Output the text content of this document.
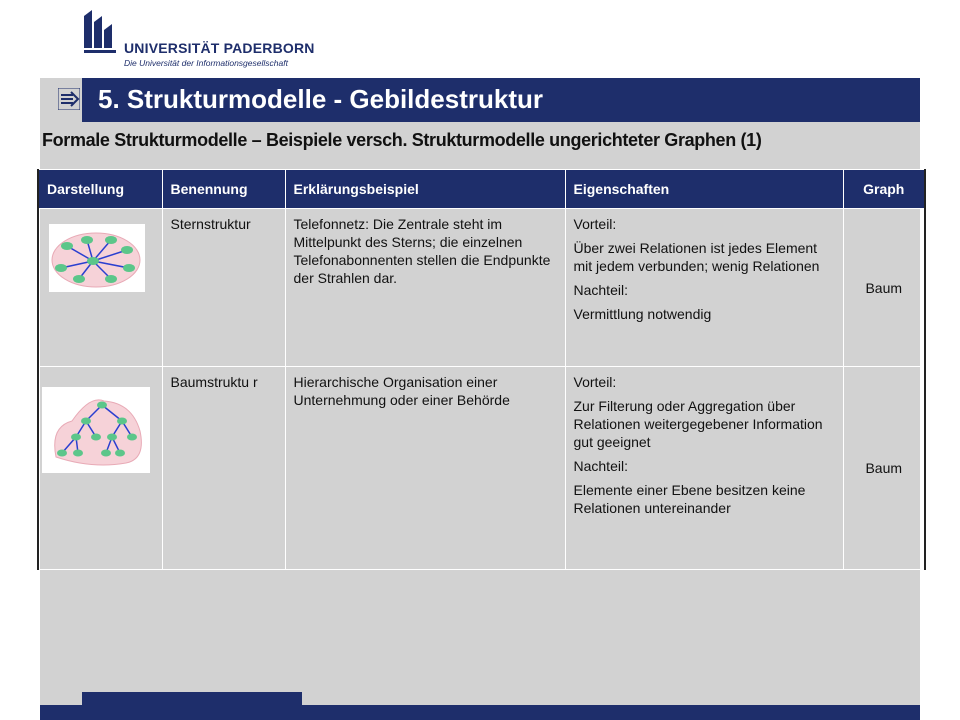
UNIVERSITÄT PADERBORN
Die Universität der Informationsgesellschaft
5. Strukturmodelle - Gebildestruktur
Formale Strukturmodelle – Beispiele versch. Strukturmodelle ungerichteter Graphen (1)
Darstellung	Benennung	Erklärungsbeispiel	Eigenschaften	Graph

	Sternstruktur	Telefonnetz: Die Zentrale steht im Mittelpunkt des Sterns; die einzelnen Telefonabonnenten stellen die Endpunkte der Strahlen dar.	Vorteil:
Über zwei Relationen ist jedes Element mit jedem verbunden; wenig Relationen
Nachteil:
Vermittlung notwendig	Baum

	Baumstruktu r	Hierarchische Organisation einer Unternehmung oder einer Behörde	Vorteil:
Zur Filterung oder Aggregation über Relationen weitergegebener Information gut geeignet
Nachteil:
Elemente einer Ebene besitzen keine Relationen untereinander	Baum
